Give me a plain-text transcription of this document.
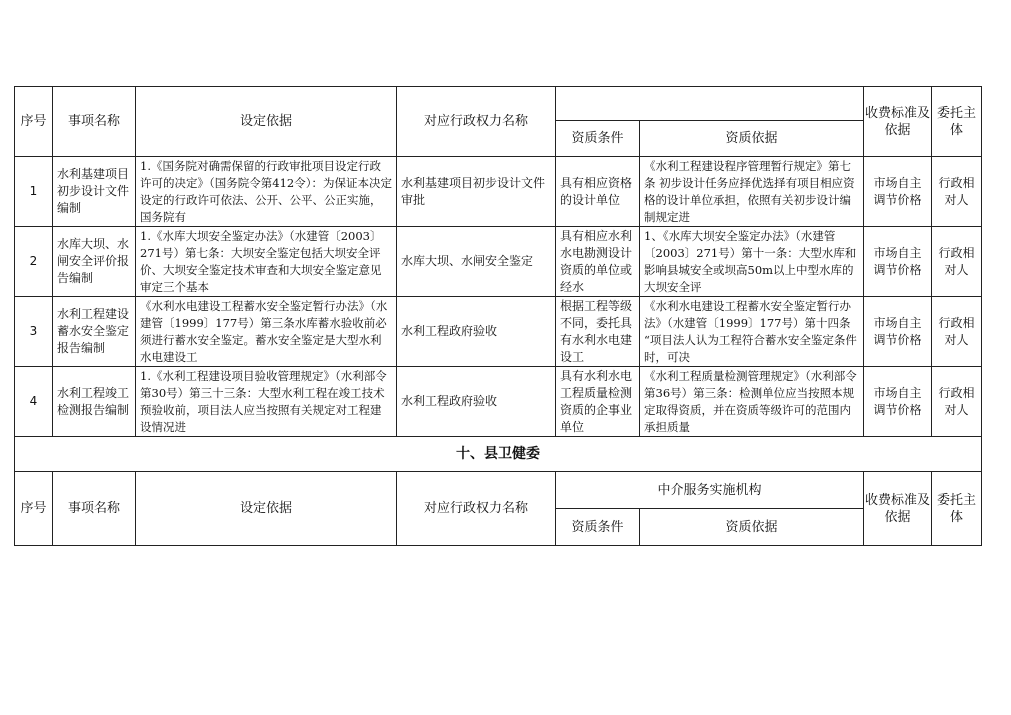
序号	事项名称	设定依据	对应行政权力名称			收费标准及依据	委托主体
				资质条件	资质依据		
1	水利基建项目初步设计文件编制	1.《国务院对确需保留的行政审批项目设定行政许可的决定》（国务院令第412令）：为保证本决定设定的行政许可依法、公开、公平、公正实施，国务院有	水利基建项目初步设计文件审批	具有相应资格的设计单位	《水利工程建设程序管理暂行规定》第七条 初步设计任务应择优选择有项目相应资格的设计单位承担，依照有关初步设计编制规定进	市场自主调节价格	行政相对人

2	水库大坝、水闸安全评价报告编制	1.《水库大坝安全鉴定办法》（水建管〔2003〕271号）第七条：大坝安全鉴定包括大坝安全评价、大坝安全鉴定技术审查和大坝安全鉴定意见审定三个基本	水库大坝、水闸安全鉴定	具有相应水利水电勘测设计资质的单位或经水	1、《水库大坝安全鉴定办法》（水建管〔2003〕271号）第十一条：大型水库和影响县城安全或坝高50m以上中型水库的大坝安全评	市场自主调节价格	行政相对人

3	水利工程建设蓄水安全鉴定报告编制	《水利水电建设工程蓄水安全鉴定暂行办法》（水建管〔1999〕177号）第三条水库蓄水验收前必须进行蓄水安全鉴定。蓄水安全鉴定是大型水利水电建设工	水利工程政府验收	根据工程等级不同，委托具有水利水电建设工	《水利水电建设工程蓄水安全鉴定暂行办法》（水建管〔1999〕177号）第十四条 “项目法人认为工程符合蓄水安全鉴定条件时，可决	市场自主调节价格	行政相对人

4	水利工程竣工检测报告编制	1.《水利工程建设项目验收管理规定》（水利部令第30号）第三十三条：大型水利工程在竣工技术预验收前，项目法人应当按照有关规定对工程建设情况进	水利工程政府验收	具有水利水电工程质量检测资质的企事业单位	《水利工程质量检测管理规定》（水利部令第36号）第三条：检测单位应当按照本规定取得资质，并在资质等级许可的范围内承担质量	市场自主调节价格	行政相对人

十、县卫健委							
序号	事项名称	设定依据	对应行政权力名称	中介服务实施机构		收费标准及依据	委托主体
				资质条件	资质依据		
